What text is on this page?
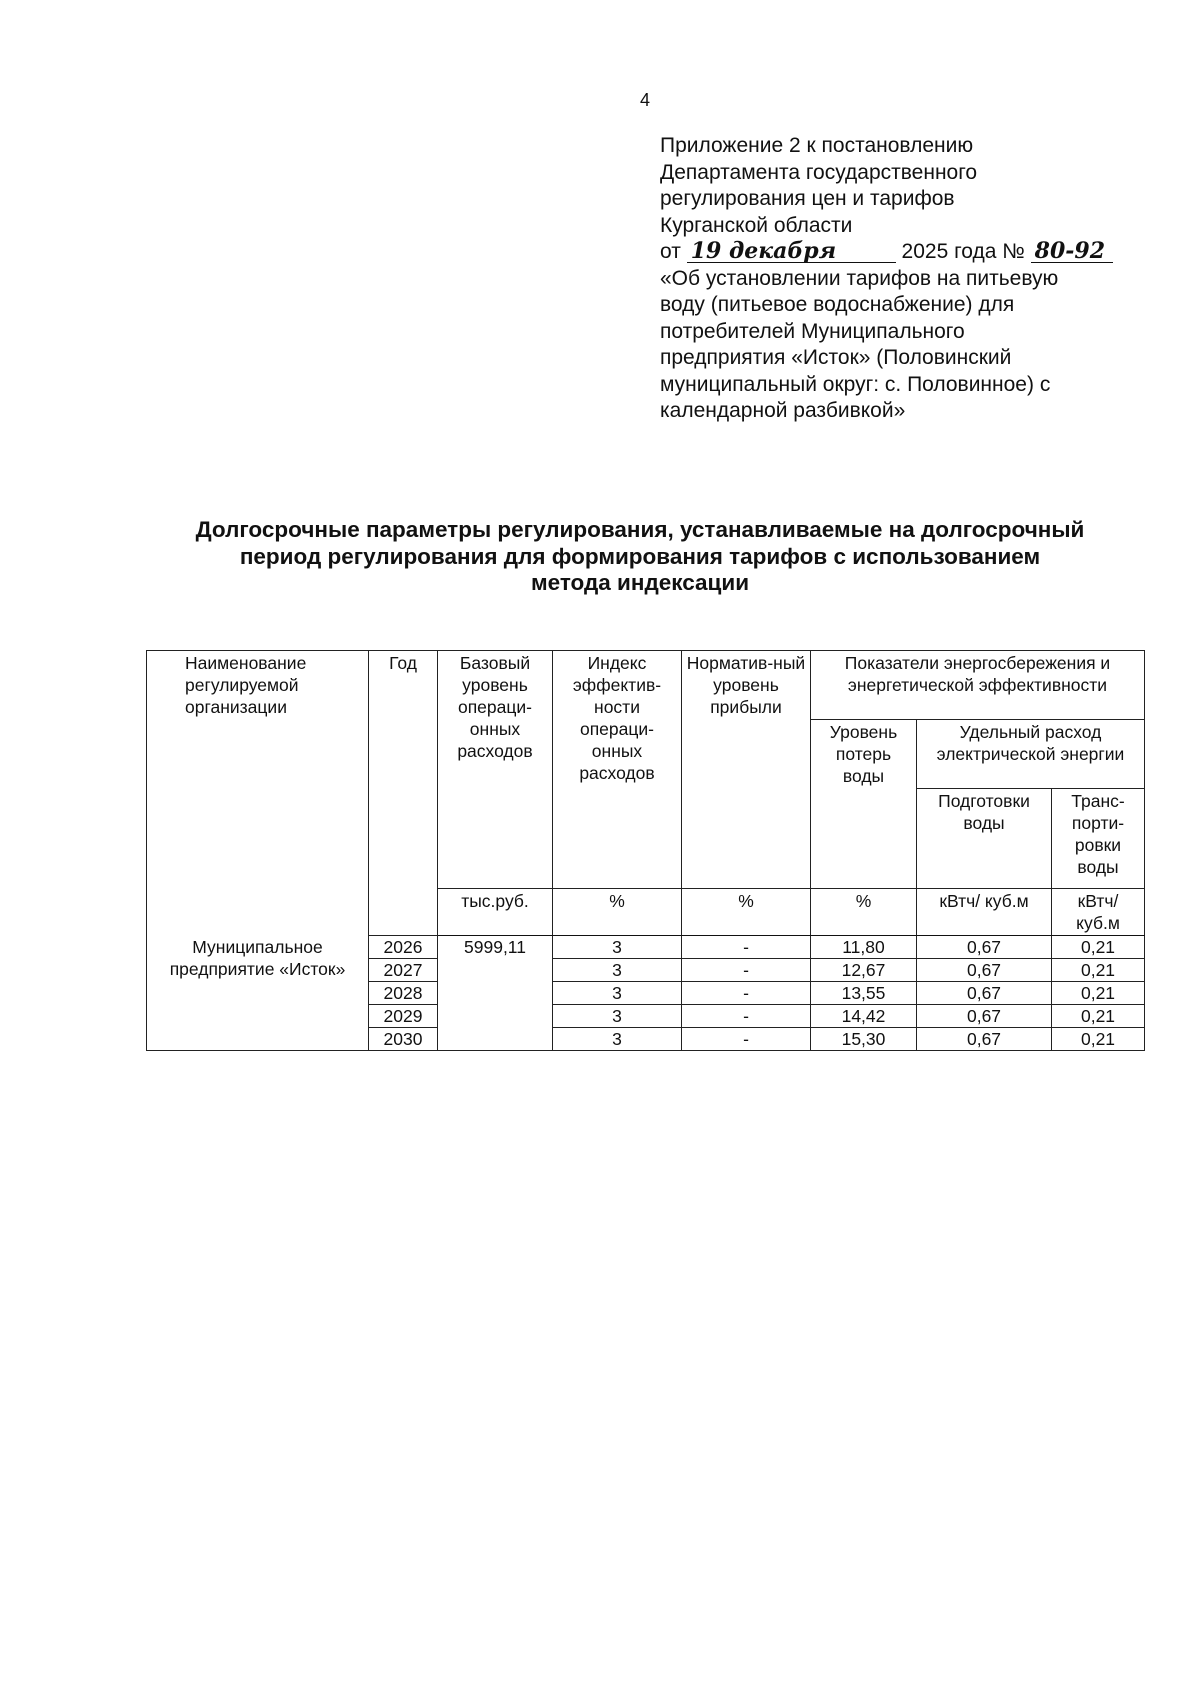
4
Приложение 2 к постановлению
Департамента государственного
регулирования цен и тарифов
Курганской области
от 19 декабря	2025 года № 80-92
«Об установлении тарифов на питьевую
воду (питьевое водоснабжение) для
потребителей Муниципального
предприятия «Исток» (Половинский
муниципальный округ: с. Половинное) с
календарной разбивкой»
Долгосрочные параметры регулирования, устанавливаемые на долгосрочный
период регулирования для формирования тарифов с использованием
метода индексации
Наименование регулируемой организации	Год	Базовый уровень операци-онных расходов	Индекс эффектив-ности операци-онных расходов	Норматив-ный уровень прибыли	Показатели энергосбережения и энергетической эффективности		
					Уровень потерь воды	Удельный расход электрической энергии	
						Подготовки воды	Транс-порти-ровки воды
		тыс.руб.	%	%	%	кВтч/ куб.м	кВтч/ куб.м
Муниципальное предприятие «Исток»	2026	5999,11	3	-	11,80	0,67	0,21
	2027		3	-	12,67	0,67	0,21
	2028		3	-	13,55	0,67	0,21
	2029		3	-	14,42	0,67	0,21
	2030		3	-	15,30	0,67	0,21
